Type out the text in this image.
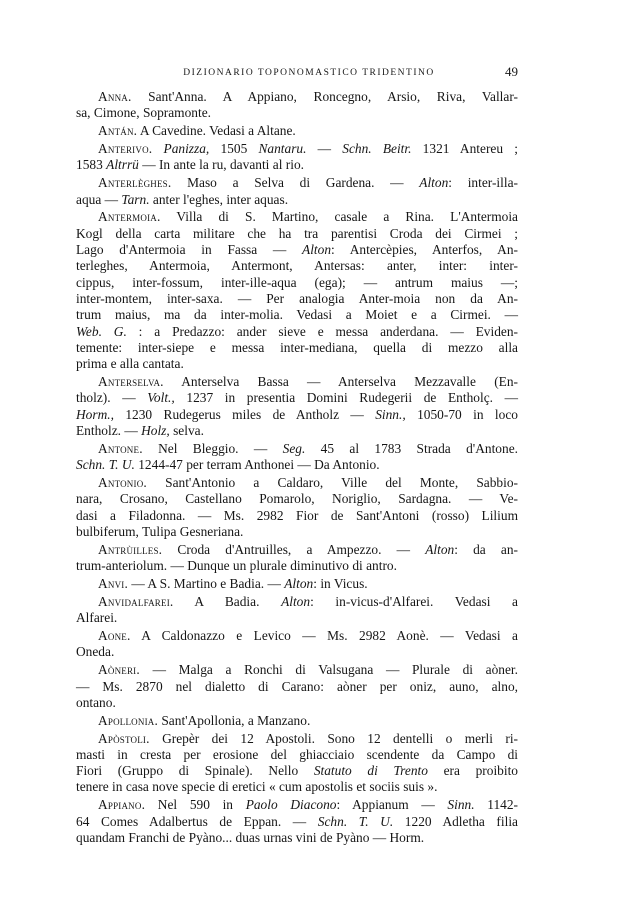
DIZIONARIO TOPONOMASTICO TRIDENTINO	49
Anna. Sant'Anna. A Appiano, Roncegno, Arsio, Riva, Vallar-
sa, Cimone, Sopramonte.
Antán. A Cavedine. Vedasi a Altane.
Anterivo. Panizza, 1505 Nantaru. — Schn. Beitr. 1321 Antereu ;
1583 Altrrü — In ante la ru, davanti al rio.
Anterlèghes. Maso a Selva di Gardena. — Alton: inter-illa-
aqua — Tarn. anter l'eghes, inter aquas.
Antermoia. Villa di S. Martino, casale a Rina. L'Antermoia
Kogl della carta militare che ha tra parentisi Croda dei Cirmei ;
Lago d'Antermoia in Fassa — Alton: Antercèpies, Anterfos, An-
terleghes, Antermoia, Antermont, Antersas: anter, inter: inter-
cippus, inter-fossum, inter-ille-aqua (ega); — antrum maius —;
inter-montem, inter-saxa. — Per analogia Anter-moia non da An-
trum maius, ma da inter-molia. Vedasi a Moiet e a Cirmei. —
Web. G. : a Predazzo: ander sieve e messa anderdana. — Eviden-
temente: inter-siepe e messa inter-mediana, quella di mezzo alla
prima e alla cantata.
Anterselva. Anterselva Bassa — Anterselva Mezzavalle (En-
tholz). — Volt., 1237 in presentia Domini Rudegerii de Entholç. —
Horm., 1230 Rudegerus miles de Antholz — Sinn., 1050-70 in loco
Entholz. — Holz, selva.
Antone. Nel Bleggio. — Seg. 45 al 1783 Strada d'Antone.
Schn. T. U. 1244-47 per terram Anthonei — Da Antonio.
Antonio. Sant'Antonio a Caldaro, Ville del Monte, Sabbio-
nara, Crosano, Castellano Pomarolo, Noriglio, Sardagna. — Ve-
dasi a Filadonna. — Ms. 2982 Fior de Sant'Antoni (rosso) Lilium
bulbiferum, Tulipa Gesneriana.
Antrùilles. Croda d'Antruilles, a Ampezzo. — Alton: da an-
trum-anteriolum. — Dunque un plurale diminutivo di antro.
Anvi. — A S. Martino e Badia. — Alton: in Vicus.
Anvidalfarei. A Badia. Alton: in-vicus-d'Alfarei. Vedasi a
Alfarei.
Aone. A Caldonazzo e Levico — Ms. 2982 Aonè. — Vedasi a
Oneda.
Aòneri. — Malga a Ronchi di Valsugana — Plurale di aòner.
— Ms. 2870 nel dialetto di Carano: aòner per oniz, auno, alno,
ontano.
Apollonia. Sant'Apollonia, a Manzano.
Apòstoli. Grepèr dei 12 Apostoli. Sono 12 dentelli o merli ri-
masti in cresta per erosione del ghiacciaio scendente da Campo di
Fiori (Gruppo di Spinale). Nello Statuto di Trento era proibito
tenere in casa nove specie di eretici « cum apostolis et sociis suis ».
Appiano. Nel 590 in Paolo Diacono: Appianum — Sinn. 1142-
64 Comes Adalbertus de Eppan. — Schn. T. U. 1220 Adletha filia
quandam Franchi de Pyàno... duas urnas vini de Pyàno — Horm.
